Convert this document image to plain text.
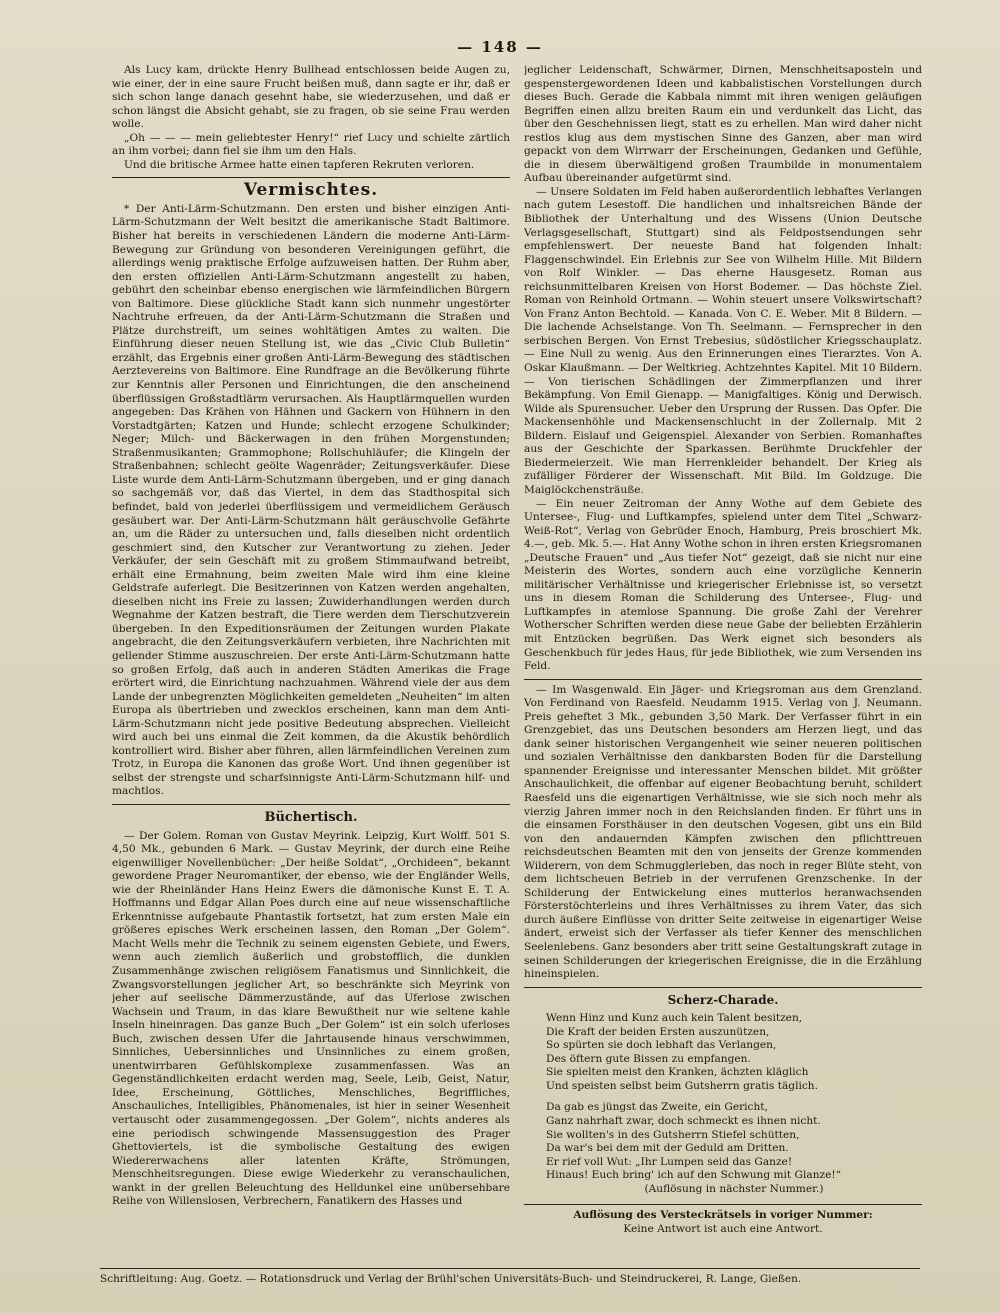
— 148 —

Als Lucy kam, drückte Henry Bullhead entschlossen beide Augen zu, wie einer, der in eine saure Frucht beißen muß, dann sagte er ihr, daß er sich schon lange danach gesehnt habe, sie wiederzusehen, und daß er schon längst die Absicht gehabt, sie zu fragen, ob sie seine Frau werden wolle.

„Oh — — — mein geliebtester Henry!“ rief Lucy und schielte zärtlich an ihm vorbei; dann fiel sie ihm um den Hals.

Und die britische Armee hatte einen tapferen Rekruten verloren.

Vermischtes.

* Der Anti-Lärm-Schutzmann. Den ersten und bisher einzigen Anti-Lärm-Schutzmann der Welt besitzt die amerikanische Stadt Baltimore. Bisher hat bereits in verschiedenen Ländern die moderne Anti-Lärm-Bewegung zur Gründung von besonderen Vereinigungen geführt, die allerdings wenig praktische Erfolge aufzuweisen hatten. Der Ruhm aber, den ersten offiziellen Anti-Lärm-Schutzmann angestellt zu haben, gebührt den scheinbar ebenso energischen wie lärmfeindlichen Bürgern von Baltimore. Diese glückliche Stadt kann sich nunmehr ungestörter Nachtruhe erfreuen, da der Anti-Lärm-Schutzmann die Straßen und Plätze durchstreift, um seines wohltätigen Amtes zu walten. Die Einführung dieser neuen Stellung ist, wie das „Civic Club Bulletin“ erzählt, das Ergebnis einer großen Anti-Lärm-Bewegung des städtischen Aerztevereins von Baltimore. Eine Rundfrage an die Bevölkerung führte zur Kenntnis aller Personen und Einrichtungen, die den anscheinend überflüssigen Großstadtlärm verursachen. Als Hauptlärmquellen wurden angegeben: Das Krähen von Hähnen und Gackern von Hühnern in den Vorstadtgärten; Katzen und Hunde; schlecht erzogene Schulkinder; Neger; Milch- und Bäckerwagen in den frühen Morgenstunden; Straßenmusikanten; Grammophone; Rollschuhläufer; die Klingeln der Straßenbahnen; schlecht geölte Wagenräder; Zeitungsverkäufer. Diese Liste wurde dem Anti-Lärm-Schutzmann übergeben, und er ging danach so sachgemäß vor, daß das Viertel, in dem das Stadthospital sich befindet, bald von jederlei überflüssigem und vermeidlichem Geräusch gesäubert war. Der Anti-Lärm-Schutzmann hält geräuschvolle Gefährte an, um die Räder zu untersuchen und, falls dieselben nicht ordentlich geschmiert sind, den Kutscher zur Verantwortung zu ziehen. Jeder Verkäufer, der sein Geschäft mit zu großem Stimmaufwand betreibt, erhält eine Ermahnung, beim zweiten Male wird ihm eine kleine Geldstrafe auferlegt. Die Besitzerinnen von Katzen werden angehalten, dieselben nicht ins Freie zu lassen; Zuwiderhandlungen werden durch Wegnahme der Katzen bestraft, die Tiere werden dem Tierschutzverein übergeben. In den Expeditionsräumen der Zeitungen wurden Plakate angebracht, die den Zeitungsverkäufern verbieten, ihre Nachrichten mit gellender Stimme auszuschreien. Der erste Anti-Lärm-Schutzmann hatte so großen Erfolg, daß auch in anderen Städten Amerikas die Frage erörtert wird, die Einrichtung nachzuahmen. Während viele der aus dem Lande der unbegrenzten Möglichkeiten gemeldeten „Neuheiten“ im alten Europa als übertrieben und zwecklos erscheinen, kann man dem Anti-Lärm-Schutzmann nicht jede positive Bedeutung absprechen. Vielleicht wird auch bei uns einmal die Zeit kommen, da die Akustik behördlich kontrolliert wird. Bisher aber führen, allen lärmfeindlichen Vereinen zum Trotz, in Europa die Kanonen das große Wort. Und ihnen gegenüber ist selbst der strengste und scharfsinnigste Anti-Lärm-Schutzmann hilf- und machtlos.

Büchertisch.

— Der Golem. Roman von Gustav Meyrink. Leipzig, Kurt Wolff. 501 S. 4,50 Mk., gebunden 6 Mark. — Gustav Meyrink, der durch eine Reihe eigenwilliger Novellenbücher: „Der heiße Soldat“, „Orchideen“, bekannt gewordene Prager Neuromantiker, der ebenso, wie der Engländer Wells, wie der Rheinländer Hans Heinz Ewers die dämonische Kunst E. T. A. Hoffmanns und Edgar Allan Poes durch eine auf neue wissenschaftliche Erkenntnisse aufgebaute Phantastik fortsetzt, hat zum ersten Male ein größeres episches Werk erscheinen lassen, den Roman „Der Golem“. Macht Wells mehr die Technik zu seinem eigensten Gebiete, und Ewers, wenn auch ziemlich äußerlich und grobstofflich, die dunklen Zusammenhänge zwischen religiösem Fanatismus und Sinnlichkeit, die Zwangsvorstellungen jeglicher Art, so beschränkte sich Meyrink von jeher auf seelische Dämmerzustände, auf das Uferlose zwischen Wachsein und Traum, in das klare Bewußtheit nur wie seltene kahle Inseln hineinragen. Das ganze Buch „Der Golem“ ist ein solch uferloses Buch, zwischen dessen Ufer die Jahrtausende hinaus verschwimmen, Sinnliches, Uebersinnliches und Unsinnliches zu einem großen, unentwirrbaren Gefühlskomplexe zusammenfassen. Was an Gegenständlichkeiten erdacht werden mag, Seele, Leib, Geist, Natur, Idee, Erscheinung, Göttliches, Menschliches, Begriffliches, Anschauliches, Intelligibles, Phänomenales, ist hier in seiner Wesenheit vertauscht oder zusammengegossen. „Der Golem“, nichts anderes als eine periodisch schwingende Massensuggestion des Prager Ghettoviertels, ist die symbolische Gestaltung des ewigen Wiedererwachens aller latenten Kräfte, Strömungen, Menschheitsregungen. Diese ewige Wiederkehr zu veranschaulichen, wankt in der grellen Beleuchtung des Helldunkel eine unübersehbare Reihe von Willenslosen, Verbrechern, Fanatikern des Hasses und

jeglicher Leidenschaft, Schwärmer, Dirnen, Menschheitsaposteln und gespenstergewordenen Ideen und kabbalistischen Vorstellungen durch dieses Buch. Gerade die Kabbala nimmt mit ihren wenigen geläufigen Begriffen einen allzu breiten Raum ein und verdunkelt das Licht, das über den Geschehnissen liegt, statt es zu erhellen. Man wird daher nicht restlos klug aus dem mystischen Sinne des Ganzen, aber man wird gepackt von dem Wirrwarr der Erscheinungen, Gedanken und Gefühle, die in diesem überwältigend großen Traumbilde in monumentalem Aufbau übereinander aufgetürmt sind.

— Unsere Soldaten im Feld haben außerordentlich lebhaftes Verlangen nach gutem Lesestoff. Die handlichen und inhaltsreichen Bände der Bibliothek der Unterhaltung und des Wissens (Union Deutsche Verlagsgesellschaft, Stuttgart) sind als Feldpostsendungen sehr empfehlenswert. Der neueste Band hat folgenden Inhalt: Flaggenschwindel. Ein Erlebnis zur See von Wilhelm Hille. Mit Bildern von Rolf Winkler. — Das eherne Hausgesetz. Roman aus reichsunmittelbaren Kreisen von Horst Bodemer. — Das höchste Ziel. Roman von Reinhold Ortmann. — Wohin steuert unsere Volkswirtschaft? Von Franz Anton Bechtold. — Kanada. Von C. E. Weber. Mit 8 Bildern. — Die lachende Achselstange. Von Th. Seelmann. — Fernsprecher in den serbischen Bergen. Von Ernst Trebesius, südöstlicher Kriegsschauplatz. — Eine Null zu wenig. Aus den Erinnerungen eines Tierarztes. Von A. Oskar Klaußmann. — Der Weltkrieg. Achtzehntes Kapitel. Mit 10 Bildern. — Von tierischen Schädlingen der Zimmerpflanzen und ihrer Bekämpfung. Von Emil Gienapp. — Manigfaltiges. König und Derwisch. Wilde als Spurensucher. Ueber den Ursprung der Russen. Das Opfer. Die Mackensenhöhle und Mackensenschlucht in der Zollernalp. Mit 2 Bildern. Eislauf und Geigenspiel. Alexander von Serbien. Romanhaftes aus der Geschichte der Sparkassen. Berühmte Druckfehler der Biedermeierzeit. Wie man Herrenkleider behandelt. Der Krieg als zufälliger Förderer der Wissenschaft. Mit Bild. Im Goldzuge. Die Maiglöckchensträuße.

— Ein neuer Zeitroman der Anny Wothe auf dem Gebiete des Untersee-, Flug- und Luftkampfes, spielend unter dem Titel „Schwarz-Weiß-Rot“, Verlag von Gebrüder Enoch, Hamburg, Preis broschiert Mk. 4.—, geb. Mk. 5.—. Hat Anny Wothe schon in ihren ersten Kriegsromanen „Deutsche Frauen“ und „Aus tiefer Not“ gezeigt, daß sie nicht nur eine Meisterin des Wortes, sondern auch eine vorzügliche Kennerin militärischer Verhältnisse und kriegerischer Erlebnisse ist, so versetzt uns in diesem Roman die Schilderung des Untersee-, Flug- und Luftkampfes in atemlose Spannung. Die große Zahl der Verehrer Wotherscher Schriften werden diese neue Gabe der beliebten Erzählerin mit Entzücken begrüßen. Das Werk eignet sich besonders als Geschenkbuch für jedes Haus, für jede Bibliothek, wie zum Versenden ins Feld.

— Im Wasgenwald. Ein Jäger- und Kriegsroman aus dem Grenzland. Von Ferdinand von Raesfeld. Neudamm 1915. Verlag von J. Neumann. Preis geheftet 3 Mk., gebunden 3,50 Mark. Der Verfasser führt in ein Grenzgebiet, das uns Deutschen besonders am Herzen liegt, und das dank seiner historischen Vergangenheit wie seiner neueren politischen und sozialen Verhältnisse den dankbarsten Boden für die Darstellung spannender Ereignisse und interessanter Menschen bildet. Mit größter Anschaulichkeit, die offenbar auf eigener Beobachtung beruht, schildert Raesfeld uns die eigenartigen Verhältnisse, wie sie sich noch mehr als vierzig Jahren immer noch in den Reichslanden finden. Er führt uns in die einsamen Forsthäuser in den deutschen Vogesen, gibt uns ein Bild von den andauernden Kämpfen zwischen den pflichttreuen reichsdeutschen Beamten mit den von jenseits der Grenze kommenden Wilderern, von dem Schmugglerleben, das noch in reger Blüte steht, von dem lichtscheuen Betrieb in der verrufenen Grenzschenke. In der Schilderung der Entwickelung eines mutterlos heranwachsenden Försterstöchterleins und ihres Verhältnisses zu ihrem Vater, das sich durch äußere Einflüsse von dritter Seite zeitweise in eigenartiger Weise ändert, erweist sich der Verfasser als tiefer Kenner des menschlichen Seelenlebens. Ganz besonders aber tritt seine Gestaltungskraft zutage in seinen Schilderungen der kriegerischen Ereignisse, die in die Erzählung hineinspielen.

Scherz-Charade.
Wenn Hinz und Kunz auch kein Talent besitzen,
Die Kraft der beiden Ersten auszunützen,
So spürten sie doch lebhaft das Verlangen,
Des öftern gute Bissen zu empfangen.
Sie spielten meist den Kranken, ächzten kläglich
Und speisten selbst beim Gutsherrn gratis täglich.
Da gab es jüngst das Zweite, ein Gericht,
Ganz nahrhaft zwar, doch schmeckt es ihnen nicht.
Sie wollten's in des Gutsherrn Stiefel schütten,
Da war's bei dem mit der Geduld am Dritten.
Er rief voll Wut: „Ihr Lumpen seid das Ganze!
Hinaus! Euch bring' ich auf den Schwung mit Glanze!“
(Auflösung in nächster Nummer.)

Auflösung des Versteckrätsels in voriger Nummer:

Keine Antwort ist auch eine Antwort.

Schriftleitung: Aug. Goetz. — Rotationsdruck und Verlag der Brühl'schen Universitäts-Buch- und Steindruckerei, R. Lange, Gießen.
